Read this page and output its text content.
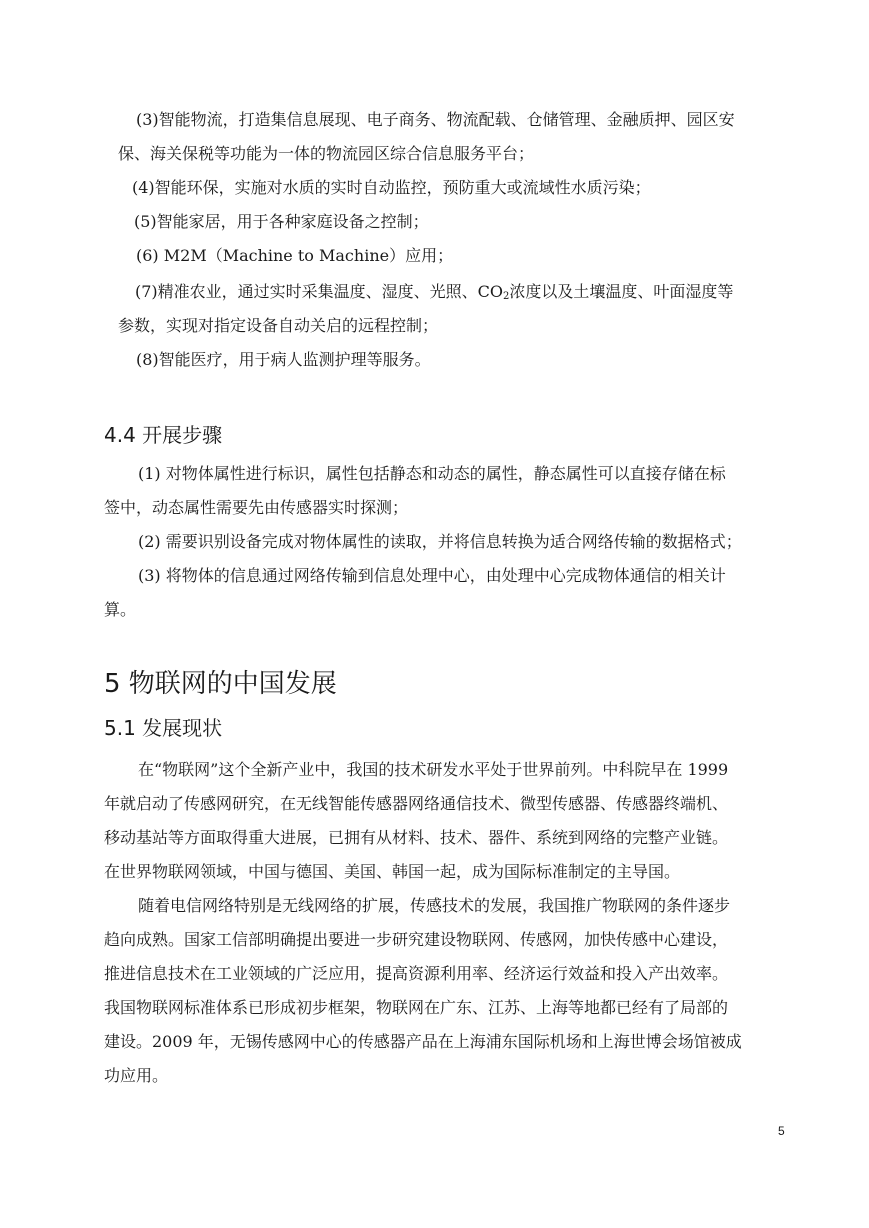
(3)智能物流，打造集信息展现、电子商务、物流配载、仓储管理、金融质押、园区安
保、海关保税等功能为一体的物流园区综合信息服务平台；
(4)智能环保，实施对水质的实时自动监控，预防重大或流域性水质污染；
(5)智能家居，用于各种家庭设备之控制；
(6) M2M（Machine to Machine）应用；
(7)精准农业，通过实时采集温度、湿度、光照、$CO_2$浓度以及土壤温度、叶面湿度等
参数，实现对指定设备自动关启的远程控制；
(8)智能医疗，用于病人监测护理等服务。
4.4 开展步骤
(1) 对物体属性进行标识，属性包括静态和动态的属性，静态属性可以直接存储在标
签中，动态属性需要先由传感器实时探测；
(2) 需要识别设备完成对物体属性的读取，并将信息转换为适合网络传输的数据格式；
(3) 将物体的信息通过网络传输到信息处理中心，由处理中心完成物体通信的相关计
算。
5 物联网的中国发展
5.1 发展现状
在“物联网”这个全新产业中，我国的技术研发水平处于世界前列。中科院早在 1999
年就启动了传感网研究，在无线智能传感器网络通信技术、微型传感器、传感器终端机、
移动基站等方面取得重大进展，已拥有从材料、技术、器件、系统到网络的完整产业链。
在世界物联网领域，中国与德国、美国、韩国一起，成为国际标准制定的主导国。
随着电信网络特别是无线网络的扩展，传感技术的发展，我国推广物联网的条件逐步
趋向成熟。国家工信部明确提出要进一步研究建设物联网、传感网，加快传感中心建设，
推进信息技术在工业领域的广泛应用，提高资源利用率、经济运行效益和投入产出效率。
我国物联网标准体系已形成初步框架，物联网在广东、江苏、上海等地都已经有了局部的
建设。2009 年，无锡传感网中心的传感器产品在上海浦东国际机场和上海世博会场馆被成
功应用。
5
